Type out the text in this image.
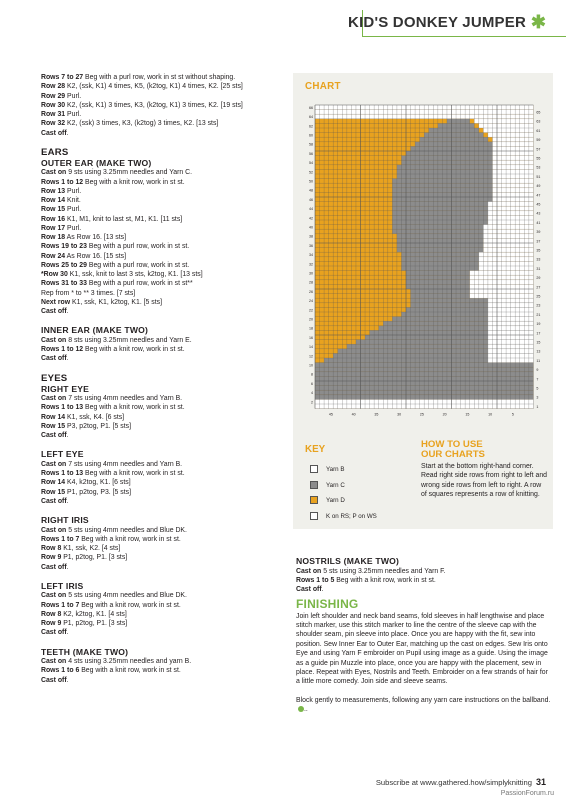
KID'S DONKEY JUMPER ✱

Rows 7 to 27 Beg with a purl row, work in st st without shaping.

Row 28 K2, (ssk, K1) 4 times, K5, (k2tog, K1) 4 times, K2. [25 sts]

Row 29 Purl.

Row 30 K2, (ssk, K1) 3 times, K3, (k2tog, K1) 3 times, K2. [19 sts]

Row 31 Purl.

Row 32 K2, (ssk) 3 times, K3, (k2tog) 3 times, K2. [13 sts]

Cast off.

EARS
OUTER EAR (MAKE TWO)

Cast on 9 sts using 3.25mm needles and Yarn C.

Rows 1 to 12 Beg with a knit row, work in st st.

Row 13 Purl.

Row 14 Knit.

Row 15 Purl.

Row 16 K1, M1, knit to last st, M1, K1. [11 sts]

Row 17 Purl.

Row 18 As Row 16. [13 sts]

Rows 19 to 23 Beg with a purl row, work in st st.

Row 24 As Row 16. [15 sts]

Rows 25 to 29 Beg with a purl row, work in st st.

*Row 30 K1, ssk, knit to last 3 sts, k2tog, K1. [13 sts]

Rows 31 to 33 Beg with a purl row, work in st st**

Rep from * to ** 3 times. [7 sts]

Next row K1, ssk, K1, k2tog, K1. [5 sts]

Cast off.

INNER EAR (MAKE TWO)

Cast on 8 sts using 3.25mm needles and Yarn E.

Rows 1 to 12 Beg with a knit row, work in st st.

Cast off.

EYES
RIGHT EYE

Cast on 7 sts using 4mm needles and Yarn B.

Rows 1 to 13 Beg with a knit row, work in st st.

Row 14 K1, ssk, K4. [6 sts]

Row 15 P3, p2tog, P1. [5 sts]

Cast off.

LEFT EYE

Cast on 7 sts using 4mm needles and Yarn B.

Rows 1 to 13 Beg with a knit row, work in st st.

Row 14 K4, k2tog, K1. [6 sts]

Row 15 P1, p2tog, P3. [5 sts]

Cast off.

RIGHT IRIS

Cast on 5 sts using 4mm needles and Blue DK.

Rows 1 to 7 Beg with a knit row, work in st st.

Row 8 K1, ssk, K2. [4 sts]

Row 9 P1, p2tog, P1. [3 sts]

Cast off.

LEFT IRIS

Cast on 5 sts using 4mm needles and Blue DK.

Rows 1 to 7 Beg with a knit row, work in st st.

Row 8 K2, k2tog, K1. [4 sts]

Row 9 P1, p2tog, P1. [3 sts]

Cast off.

TEETH (MAKE TWO)

Cast on 4 sts using 3.25mm needles and yarn B.

Rows 1 to 6 Beg with a knit row, work in st st.

Cast off.

CHART
66
64
62
60
58
56
54
52
50
48
46
44
42
40
38
36
34
32
30
28
26
24
22
20
18
16
14
12
10
8
6
4
2
65
63
61
59
57
55
53
51
49
47
45
43
41
39
37
35
33
31
29
27
25
23
21
19
17
15
13
11
9
7
5
3
1
45	40	35	30	25	20	15	10	5
KEY
Yarn B
Yarn C
Yarn D
K on RS; P on WS
HOW TO USE
OUR CHARTS
Start at the bottom right-hand corner. Read right side rows from right to left and wrong side rows from left to right. A row of squares represents a row of knitting.
NOSTRILS (MAKE TWO)

Cast on 5 sts using 3.25mm needles and Yarn F.

Rows 1 to 5 Beg with a knit row, work in st st.

Cast off.

FINISHING

Join left shoulder and neck band seams, fold sleeves in half lengthwise and place stitch marker, use this stitch marker to line the centre of the sleeve cap with the shoulder seam, pin sleeve into place. Once you are happy with the fit, sew into position. Sew Inner Ear to Outer Ear, matching up the cast on edges. Sew Iris onto Eye and using Yarn F embroider on Pupil using image as a guide. Using the image as a guide pin Muzzle into place, once you are happy with the placement, sew in place. Repeat with Eyes, Nostrils and Teeth. Embroider on a few strands of hair for a little more comedy. Join side and sleeve seams.

Block gently to measurements, following any yarn care instructions on the ballband...

Subscribe at www.gathered.how/simplyknitting 31
PassionForum.ru
